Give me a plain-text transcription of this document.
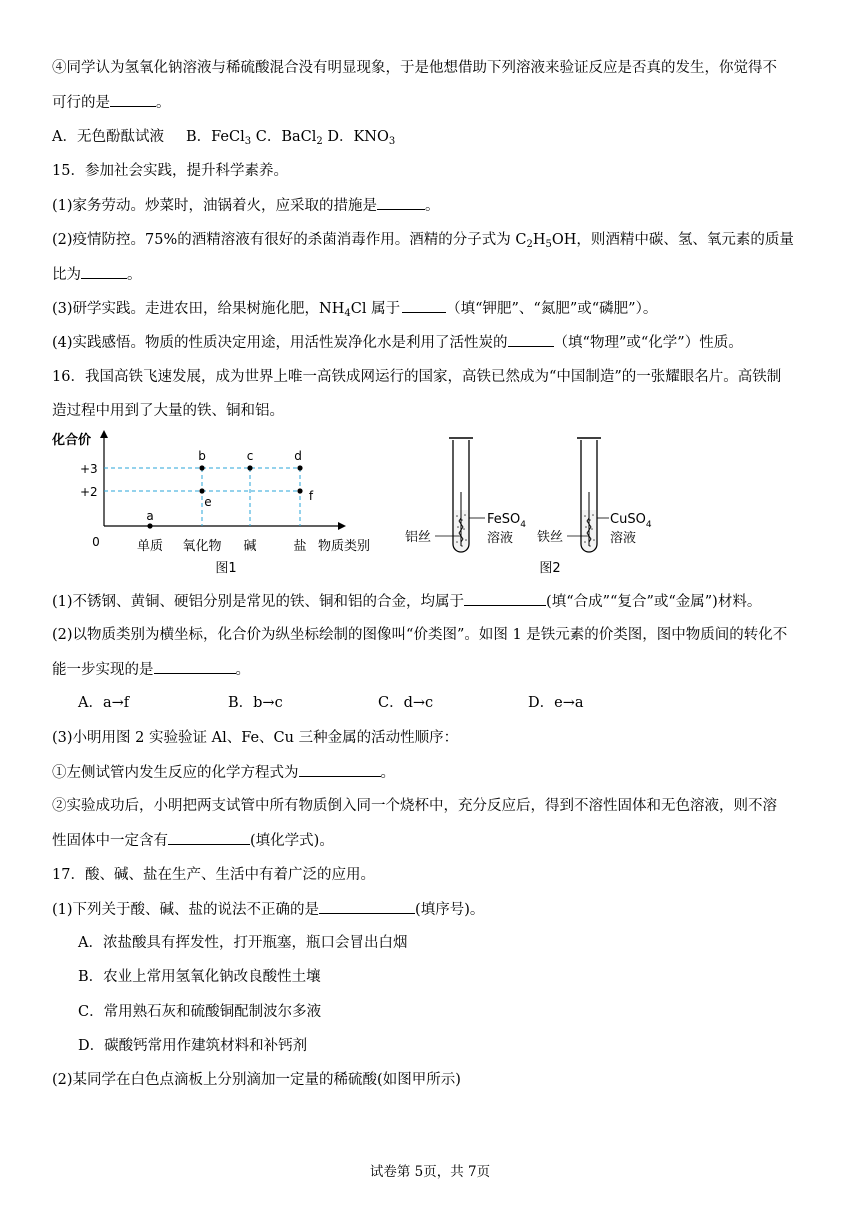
④同学认为氢氧化钠溶液与稀硫酸混合没有明显现象，于是他想借助下列溶液来验证反应是否真的发生，你觉得不
可行的是	。
A．无色酚酞试液 B．FeCl$_3$ C．BaCl$_2$ D．$KNO_3$
15．参加社会实践，提升科学素养。
(1)家务劳动。炒菜时，油锅着火，应采取的措施是	。
(2)疫情防控。75%的酒精溶液有很好的杀菌消毒作用。酒精的分子式为 $C_2H_5OH$，则酒精中碳、氢、氧元素的质量
比为	。
(3)研学实践。走进农田，给果树施化肥，$NH_4Cl$ 属于	（填“钾肥”、“氮肥”或“磷肥”）。
(4)实践感悟。物质的性质决定用途，用活性炭净化水是利用了活性炭的	（填“物理”或“化学”）性质。
16．我国高铁飞速发展，成为世界上唯一高铁成网运行的国家，高铁已然成为“中国制造”的一张耀眼名片。高铁制
造过程中用到了大量的铁、铜和铝。
化合价
0
+3
+2
a
b	c	d
e	f
单质 氧化物 碱	盐 物质类别
图1
铝丝
FeSO$_4$
溶液 铁丝
CuSO$_4$
溶液
图2
(1)不锈钢、黄铜、硬铝分别是常见的铁、铜和铝的合金，均属于	(填“合成”“复合”或“金属”)材料。
(2)以物质类别为横坐标，化合价为纵坐标绘制的图像叫“价类图”。如图 1 是铁元素的价类图，图中物质间的转化不
能一步实现的是	。
A．a→f	B．b→c	C．d→c	D．e→a
(3)小明用图 2 实验验证 Al、Fe、Cu 三种金属的活动性顺序：
①左侧试管内发生反应的化学方程式为	。
②实验成功后，小明把两支试管中所有物质倒入同一个烧杯中，充分反应后，得到不溶性固体和无色溶液，则不溶
性固体中一定含有	(填化学式)。
17．酸、碱、盐在生产、生活中有着广泛的应用。
(1)下列关于酸、碱、盐的说法不正确的是	(填序号)。
A．浓盐酸具有挥发性，打开瓶塞，瓶口会冒出白烟
B．农业上常用氢氧化钠改良酸性土壤
C．常用熟石灰和硫酸铜配制波尔多液
D．碳酸钙常用作建筑材料和补钙剂
(2)某同学在白色点滴板上分别滴加一定量的稀硫酸(如图甲所示)
试卷第 5页，共 7页
